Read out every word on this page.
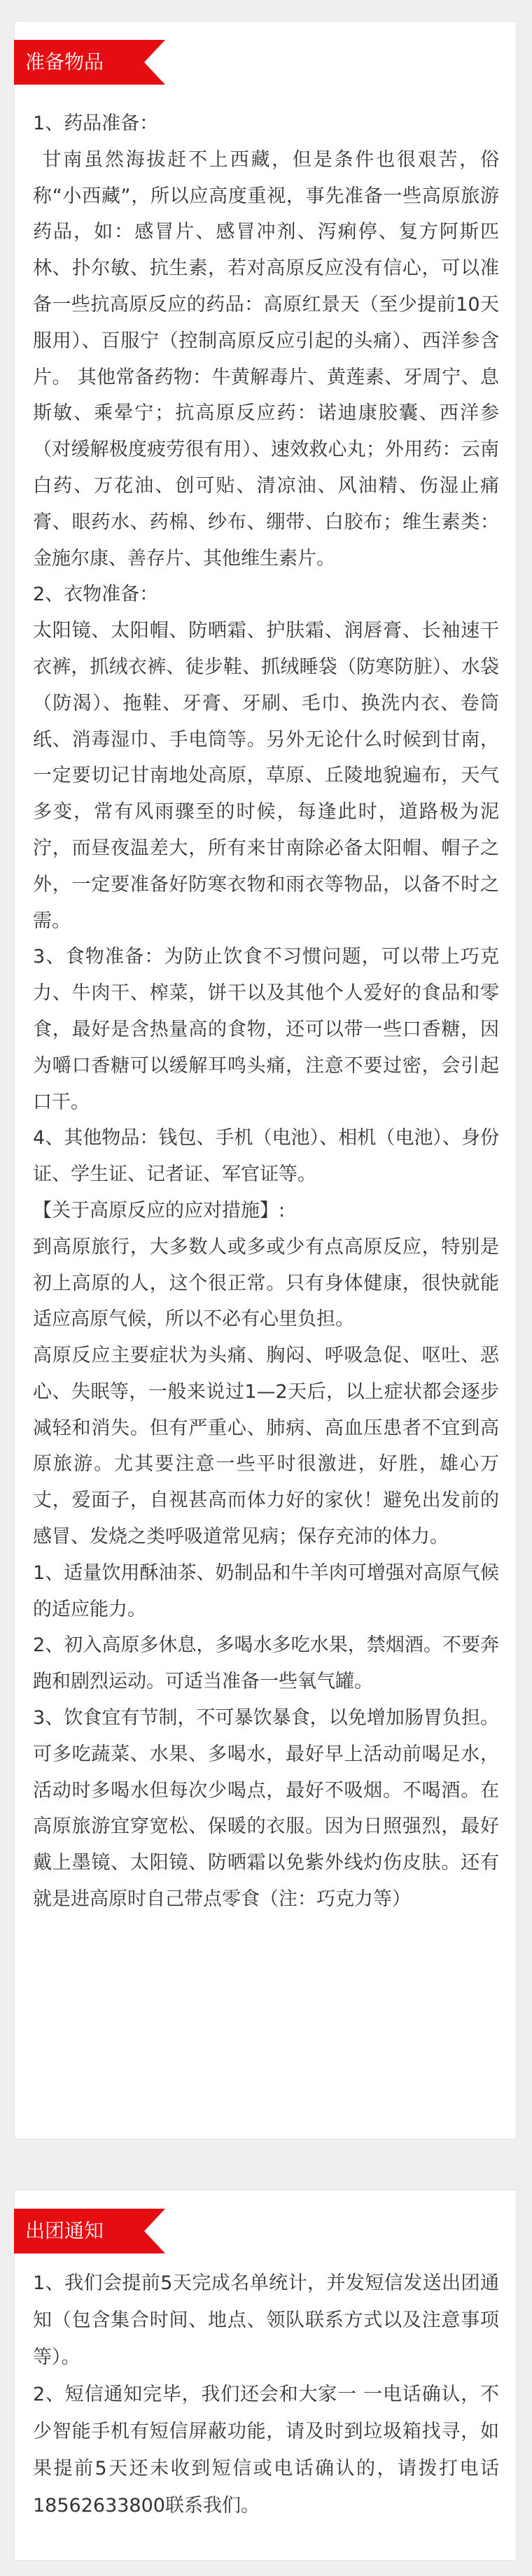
准备物品

1、药品准备：

甘南虽然海拔赶不上西藏，但是条件也很艰苦，俗称“小西藏”，所以应高度重视，事先准备一些高原旅游药品，如：感冒片、感冒冲剂、泻痢停、复方阿斯匹林、扑尔敏、抗生素，若对高原反应没有信心，可以准备一些抗高原反应的药品：高原红景天（至少提前10天服用）、百服宁（控制高原反应引起的头痛）、西洋参含片。 其他常备药物：牛黄解毒片、黄莲素、牙周宁、息斯敏、乘晕宁；抗高原反应药：诺迪康胶囊、西洋参（对缓解极度疲劳很有用）、速效救心丸；外用药：云南白药、万花油、创可贴、清凉油、风油精、伤湿止痛膏、眼药水、药棉、纱布、绷带、白胶布；维生素类：金施尔康、善存片、其他维生素片。

2、衣物准备：

太阳镜、太阳帽、防晒霜、护肤霜、润唇膏、长袖速干衣裤，抓绒衣裤、徒步鞋、抓绒睡袋（防寒防脏）、水袋（防渴）、拖鞋、牙膏、牙刷、毛巾、换洗内衣、卷筒纸、消毒湿巾、手电筒等。另外无论什么时候到甘南，一定要切记甘南地处高原，草原、丘陵地貌遍布，天气多变，常有风雨骤至的时候，每逢此时，道路极为泥泞，而昼夜温差大，所有来甘南除必备太阳帽、帽子之外，一定要准备好防寒衣物和雨衣等物品，以备不时之需。

3、食物准备：为防止饮食不习惯问题，可以带上巧克力、牛肉干、榨菜，饼干以及其他个人爱好的食品和零食，最好是含热量高的食物，还可以带一些口香糖，因为嚼口香糖可以缓解耳鸣头痛，注意不要过密，会引起口干。

4、其他物品：钱包、手机（电池）、相机（电池）、身份证、学生证、记者证、军官证等。

【关于高原反应的应对措施】:

到高原旅行，大多数人或多或少有点高原反应，特别是初上高原的人，这个很正常。只有身体健康，很快就能 适应高原气候，所以不必有心里负担。

高原反应主要症状为头痛、胸闷、呼吸急促、呕吐、恶心、失眠等，一般来说过1—2天后，以上症状都会逐步减轻和消失。但有严重心、肺病、高血压患者不宜到高原旅游。尤其要注意一些平时很激进，好胜，雄心万丈，爱面子，自视甚高而体力好的家伙！避免出发前的感冒、发烧之类呼吸道常见病；保存充沛的体力。

1、适量饮用酥油茶、奶制品和牛羊肉可增强对高原气候的适应能力。

2、初入高原多休息，多喝水多吃水果，禁烟酒。不要奔跑和剧烈运动。可适当准备一些氧气罐。

3、饮食宜有节制，不可暴饮暴食，以免增加肠胃负担。可多吃蔬菜、水果、多喝水，最好早上活动前喝足水，活动时多喝水但每次少喝点，最好不吸烟。不喝酒。在高原旅游宜穿宽松、保暖的衣服。因为日照强烈，最好戴上墨镜、太阳镜、防晒霜以免紫外线灼伤皮肤。还有就是进高原时自己带点零食（注：巧克力等）

出团通知

1、我们会提前5天完成名单统计，并发短信发送出团通知（包含集合时间、地点、领队联系方式以及注意事项等）。

2、短信通知完毕，我们还会和大家一 一电话确认，不少智能手机有短信屏蔽功能，请及时到垃圾箱找寻，如果提前5天还未收到短信或电话确认的，请拨打电话18562633800联系我们。
